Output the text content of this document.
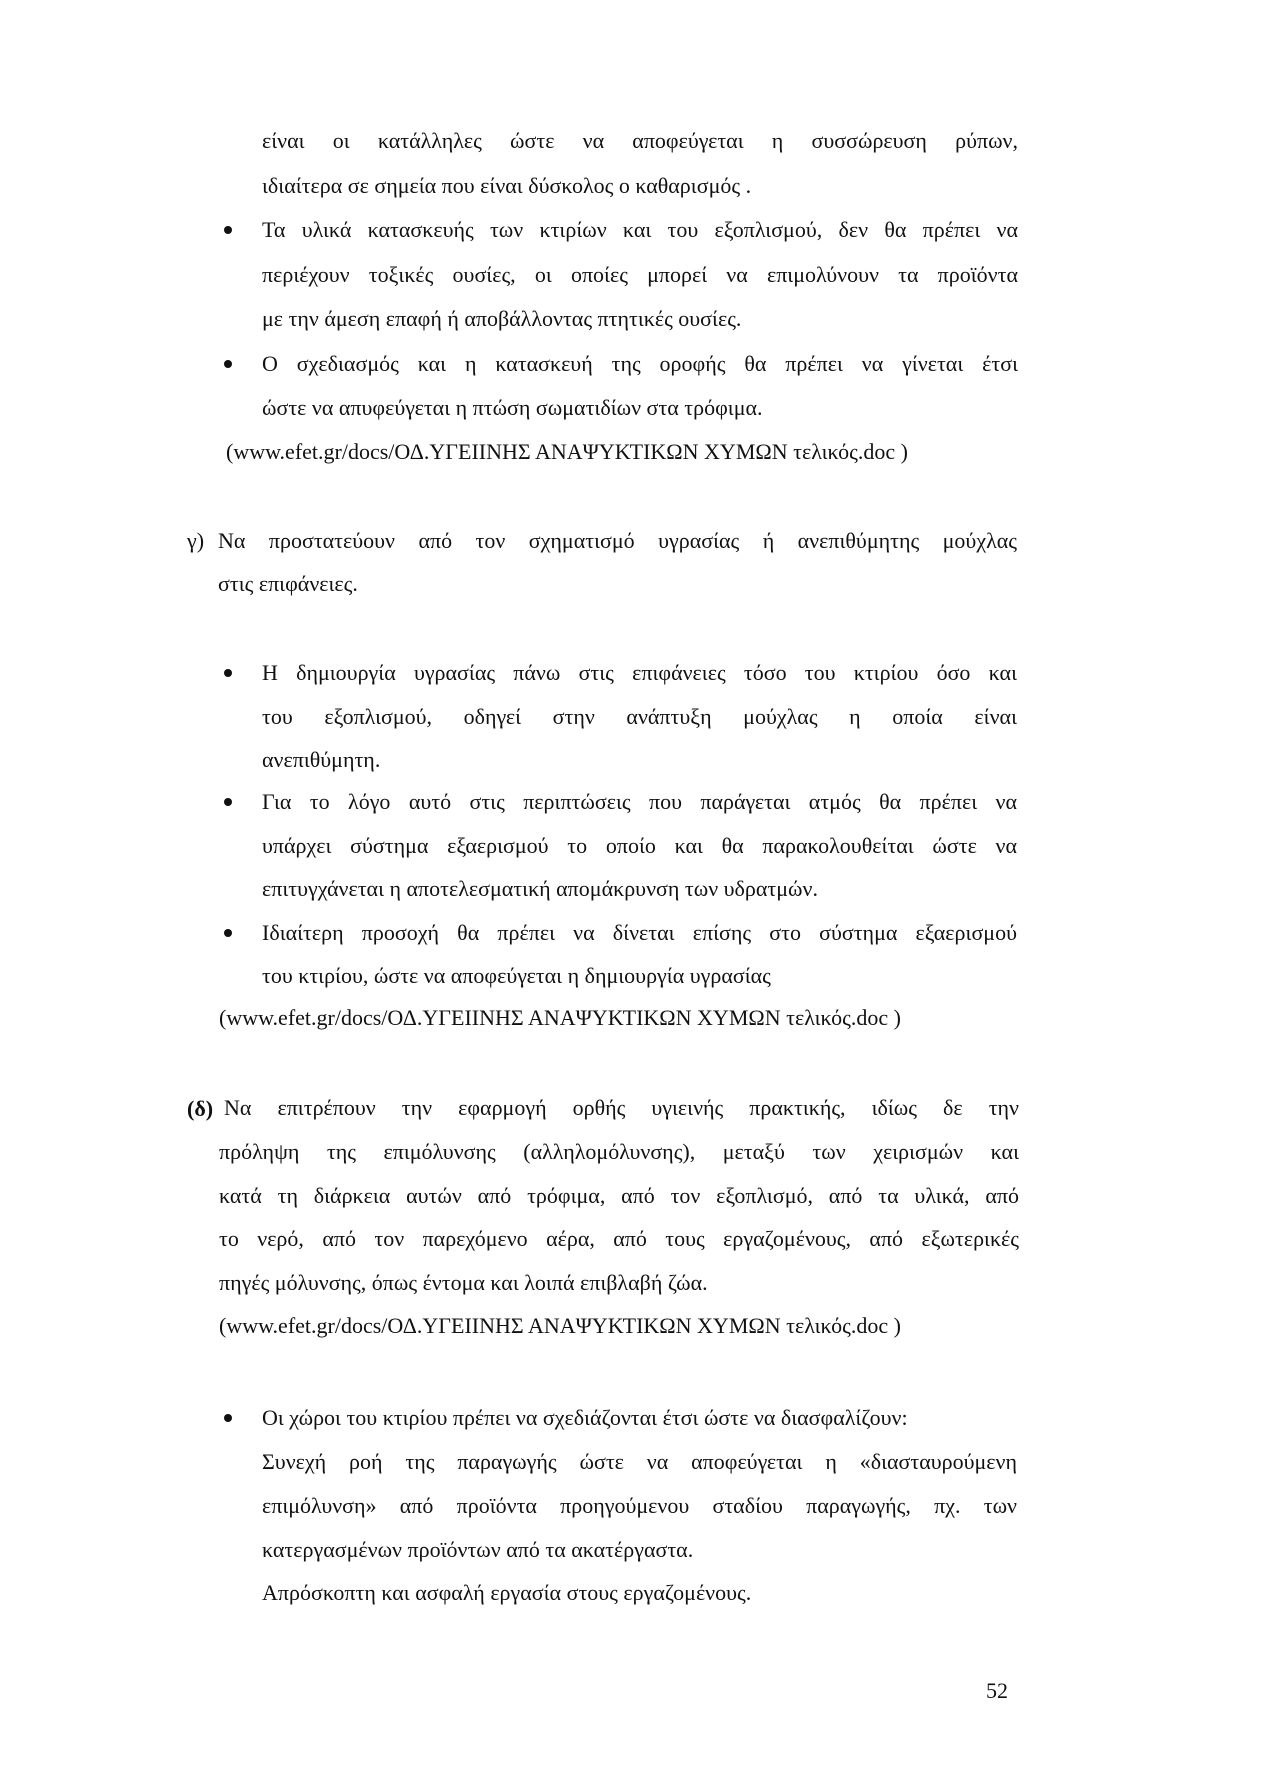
είναι οι κατάλληλες ώστε να αποφεύγεται η συσσώρευση ρύπων,
ιδιαίτερα σε σημεία που είναι δύσκολος ο καθαρισμός .
Τα υλικά κατασκευής των κτιρίων και του εξοπλισμού, δεν θα πρέπει να
περιέχουν τοξικές ουσίες, οι οποίες μπορεί να επιμολύνουν τα προϊόντα
με την άμεση επαφή ή αποβάλλοντας πτητικές ουσίες.
Ο σχεδιασμός και η κατασκευή της οροφής θα πρέπει να γίνεται έτσι
ώστε να απυφεύγεται η πτώση σωματιδίων στα τρόφιμα.
(www.efet.gr/docs/ΟΔ.ΥΓΕΙΙΝΗΣ ΑΝΑΨΥΚΤΙΚΩΝ ΧΥΜΩΝ τελικός.doc )
γ) Να προστατεύουν από τον σχηματισμό υγρασίας ή ανεπιθύμητης μούχλας
στις επιφάνειες.
Η δημιουργία υγρασίας πάνω στις επιφάνειες τόσο του κτιρίου όσο και
του εξοπλισμού, οδηγεί στην ανάπτυξη μούχλας η οποία είναι
ανεπιθύμητη.
Για το λόγο αυτό στις περιπτώσεις που παράγεται ατμός θα πρέπει να
υπάρχει σύστημα εξαερισμού το οποίο και θα παρακολουθείται ώστε να
επιτυγχάνεται η αποτελεσματική απομάκρυνση των υδρατμών.
Ιδιαίτερη προσοχή θα πρέπει να δίνεται επίσης στο σύστημα εξαερισμού
του κτιρίου, ώστε να αποφεύγεται η δημιουργία υγρασίας
(www.efet.gr/docs/ΟΔ.ΥΓΕΙΙΝΗΣ ΑΝΑΨΥΚΤΙΚΩΝ ΧΥΜΩΝ τελικός.doc )
(δ) Να επιτρέπουν την εφαρμογή ορθής υγιεινής πρακτικής, ιδίως δε την
πρόληψη της επιμόλυνσης (αλληλομόλυνσης), μεταξύ των χειρισμών και
κατά τη διάρκεια αυτών από τρόφιμα, από τον εξοπλισμό, από τα υλικά, από
το νερό, από τον παρεχόμενο αέρα, από τους εργαζομένους, από εξωτερικές
πηγές μόλυνσης, όπως έντομα και λοιπά επιβλαβή ζώα.
(www.efet.gr/docs/ΟΔ.ΥΓΕΙΙΝΗΣ ΑΝΑΨΥΚΤΙΚΩΝ ΧΥΜΩΝ τελικός.doc )
Οι χώροι του κτιρίου πρέπει να σχεδιάζονται έτσι ώστε να διασφαλίζουν:
Συνεχή ροή της παραγωγής ώστε να αποφεύγεται η «διασταυρούμενη
επιμόλυνση» από προϊόντα προηγούμενου σταδίου παραγωγής, πχ. των
κατεργασμένων προϊόντων από τα ακατέργαστα.
Απρόσκοπτη και ασφαλή εργασία στους εργαζομένους.
52
